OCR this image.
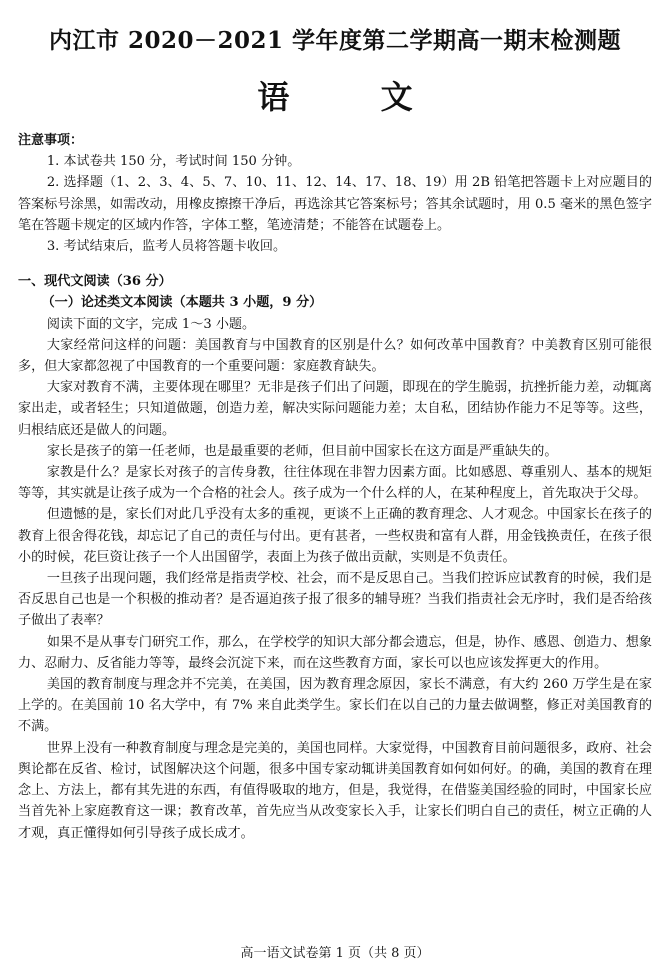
内江市 2020－2021 学年度第二学期高一期末检测题
语 文

注意事项：

1. 本试卷共 150 分，考试时间 150 分钟。

2. 选择题（1、2、3、4、5、7、10、11、12、14、17、18、19）用 2B 铅笔把答题卡上对应题目的答案标号涂黑，如需改动，用橡皮擦擦干净后，再选涂其它答案标号；答其余试题时，用 0.5 毫米的黑色签字笔在答题卡规定的区域内作答，字体工整，笔迹清楚；不能答在试题卷上。

3. 考试结束后，监考人员将答题卡收回。

一、现代文阅读（36 分）

（一）论述类文本阅读（本题共 3 小题，9 分）

阅读下面的文字，完成 1～3 小题。

大家经常问这样的问题：美国教育与中国教育的区别是什么？如何改革中国教育？中美教育区别可能很多，但大家都忽视了中国教育的一个重要问题：家庭教育缺失。

大家对教育不满，主要体现在哪里？无非是孩子们出了问题，即现在的学生脆弱，抗挫折能力差，动辄离家出走，或者轻生；只知道做题，创造力差，解决实际问题能力差；太自私，团结协作能力不足等等。这些，归根结底还是做人的问题。

家长是孩子的第一任老师，也是最重要的老师，但目前中国家长在这方面是严重缺失的。

家教是什么？是家长对孩子的言传身教，往往体现在非智力因素方面。比如感恩、尊重别人、基本的规矩等等，其实就是让孩子成为一个合格的社会人。孩子成为一个什么样的人，在某种程度上，首先取决于父母。

但遗憾的是，家长们对此几乎没有太多的重视，更谈不上正确的教育理念、人才观念。中国家长在孩子的教育上很舍得花钱，却忘记了自己的责任与付出。更有甚者，一些权贵和富有人群，用金钱换责任，在孩子很小的时候，花巨资让孩子一个人出国留学，表面上为孩子做出贡献，实则是不负责任。

一旦孩子出现问题，我们经常是指责学校、社会，而不是反思自己。当我们控诉应试教育的时候，我们是否反思自己也是一个积极的推动者？是否逼迫孩子报了很多的辅导班？当我们指责社会无序时，我们是否给孩子做出了表率？

如果不是从事专门研究工作，那么，在学校学的知识大部分都会遗忘，但是，协作、感恩、创造力、想象力、忍耐力、反省能力等等，最终会沉淀下来，而在这些教育方面，家长可以也应该发挥更大的作用。

美国的教育制度与理念并不完美，在美国，因为教育理念原因，家长不满意，有大约 260 万学生是在家上学的。在美国前 10 名大学中，有 7% 来自此类学生。家长们在以自己的力量去做调整，修正对美国教育的不满。

世界上没有一种教育制度与理念是完美的，美国也同样。大家觉得，中国教育目前问题很多，政府、社会舆论都在反省、检讨，试图解决这个问题，很多中国专家动辄讲美国教育如何如何好。的确，美国的教育在理念上、方法上，都有其先进的东西，有值得吸取的地方，但是，我觉得，在借鉴美国经验的同时，中国家长应当首先补上家庭教育这一课；教育改革，首先应当从改变家长入手，让家长们明白自己的责任，树立正确的人才观，真正懂得如何引导孩子成长成才。

高一语文试卷第 1 页（共 8 页）
